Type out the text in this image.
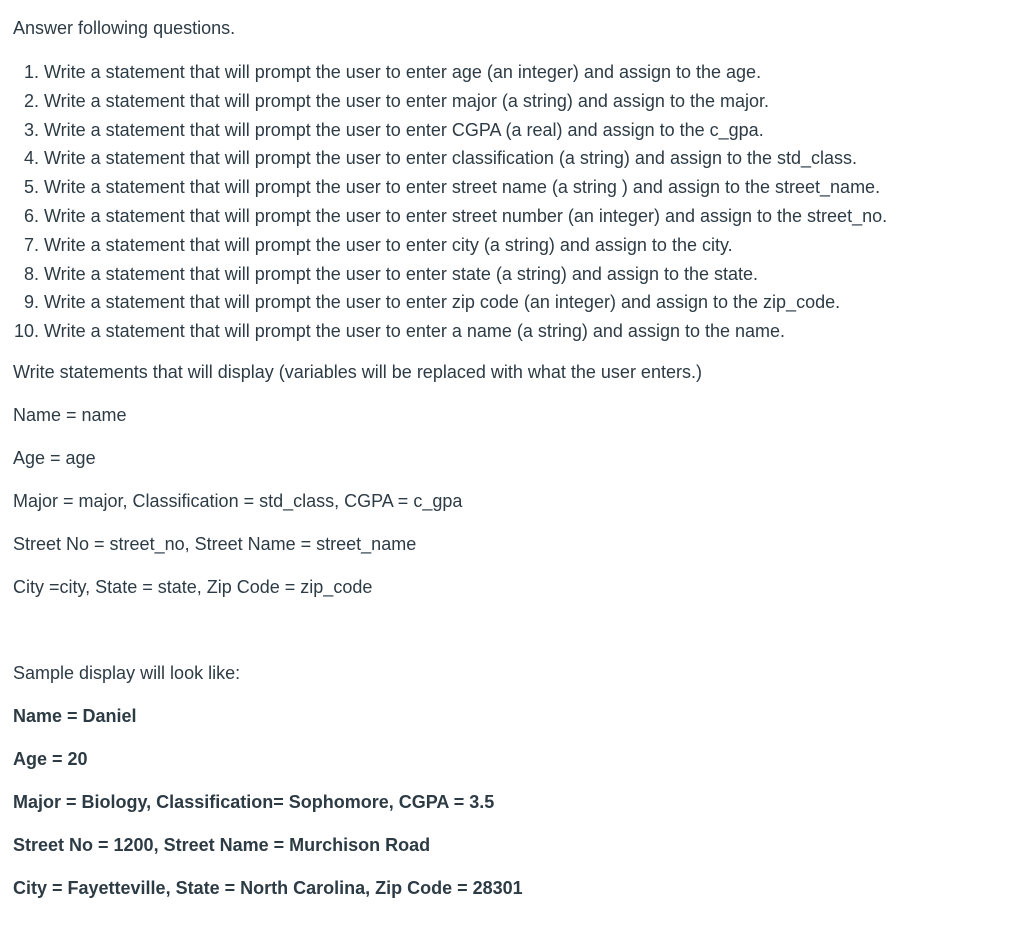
Answer following questions.

1. Write a statement that will prompt the user to enter age (an integer) and assign to the age.
2. Write a statement that will prompt the user to enter major (a string) and assign to the major.
3. Write a statement that will prompt the user to enter CGPA (a real) and assign to the c_gpa.
4. Write a statement that will prompt the user to enter classification (a string) and assign to the std_class.
5. Write a statement that will prompt the user to enter street name (a string ) and assign to the street_name.
6. Write a statement that will prompt the user to enter street number (an integer) and assign to the street_no.
7. Write a statement that will prompt the user to enter city (a string) and assign to the city.
8. Write a statement that will prompt the user to enter state (a string) and assign to the state.
9. Write a statement that will prompt the user to enter zip code (an integer) and assign to the zip_code.
10. Write a statement that will prompt the user to enter a name (a string) and assign to the name.

Write statements that will display (variables will be replaced with what the user enters.)

Name = name

Age = age

Major = major, Classification = std_class, CGPA = c_gpa

Street No = street_no, Street Name = street_name

City =city, State = state, Zip Code = zip_code

Sample display will look like:

Name = Daniel

Age = 20

Major = Biology, Classification= Sophomore, CGPA = 3.5

Street No = 1200, Street Name = Murchison Road

City = Fayetteville, State = North Carolina, Zip Code = 28301
